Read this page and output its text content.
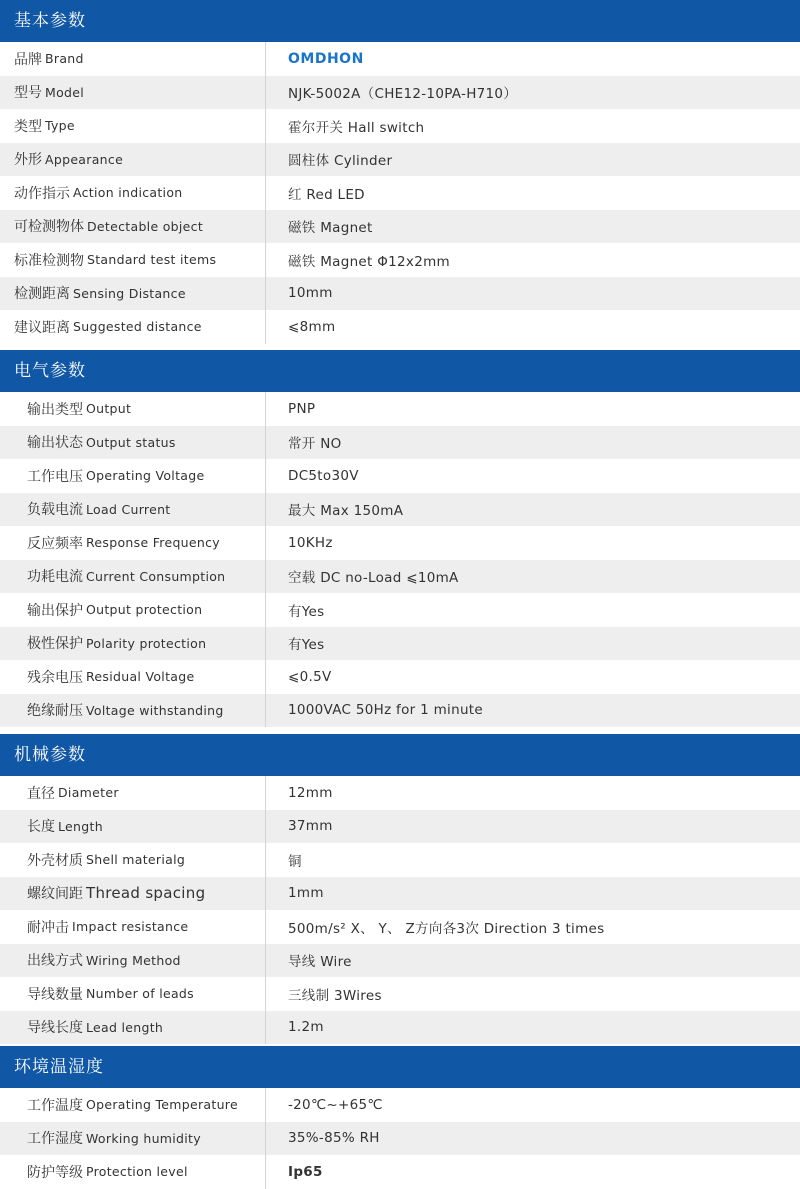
基本参数
品牌 Brand	OMDHON
型号 Model	NJK-5002A（CHE12-10PA-H710）
类型 Type	霍尔开关 Hall switch
外形 Appearance	圆柱体 Cylinder
动作指示 Action indication	红 Red LED
可检测物体 Detectable object	磁铁 Magnet
标准检测物 Standard test items	磁铁 Magnet Φ12x2mm
检测距离 Sensing Distance	10mm
建议距离 Suggested distance	⩽8mm
电气参数
输出类型 Output	PNP
输出状态 Output status	常开 NO
工作电压 Operating Voltage	DC5to30V
负载电流 Load Current	最大 Max 150mA
反应频率 Response Frequency	10KHz
功耗电流 Current Consumption	空载 DC no-Load ⩽10mA
输出保护 Output protection	有Yes
极性保护 Polarity protection	有Yes
残余电压 Residual Voltage	⩽0.5V
绝缘耐压 Voltage withstanding	1000VAC 50Hz for 1 minute
机械参数
直径 Diameter	12mm
长度 Length	37mm
外壳材质 Shell materialg	铜
螺纹间距 Thread spacing	1mm
耐冲击 Impact resistance	500m/s² X、 Y、 Z方向各3次 Direction 3 times
出线方式 Wiring Method	导线 Wire
导线数量 Number of leads	三线制 3Wires
导线长度 Lead length	1.2m
环境温湿度
工作温度 Operating Temperature	-20℃~+65℃
工作湿度 Working humidity	35%-85% RH
防护等级 Protection level	Ip65
